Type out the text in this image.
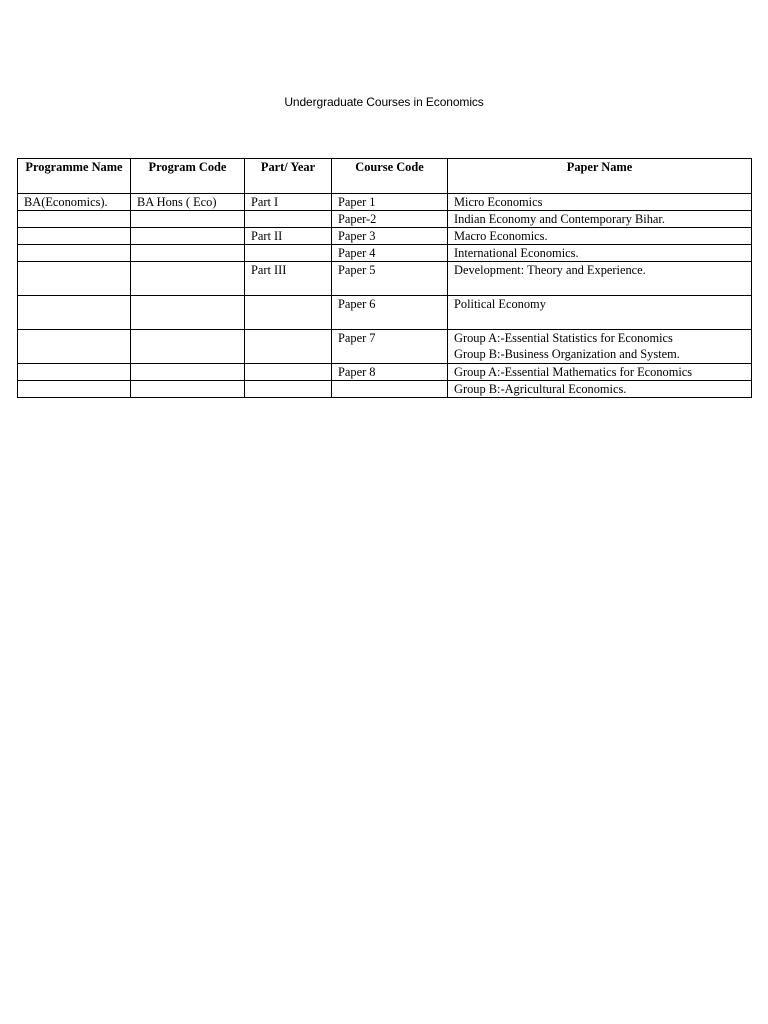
Undergraduate Courses in Economics
Programme Name	Program Code	Part/ Year	Course Code	Paper Name
BA(Economics).	BA Hons ( Eco)	Part I	Paper 1	Micro Economics

			Paper-2	Indian Economy and Contemporary Bihar.

		Part II	Paper 3	Macro Economics.

			Paper 4	International Economics.

		Part III	Paper 5	Development: Theory and Experience.

			Paper 6	Political Economy

			Paper 7	Group A:-Essential Statistics for Economics
Group B:-Business Organization and System.

			Paper 8	Group A:-Essential Mathematics for Economics

				Group B:-Agricultural Economics.
